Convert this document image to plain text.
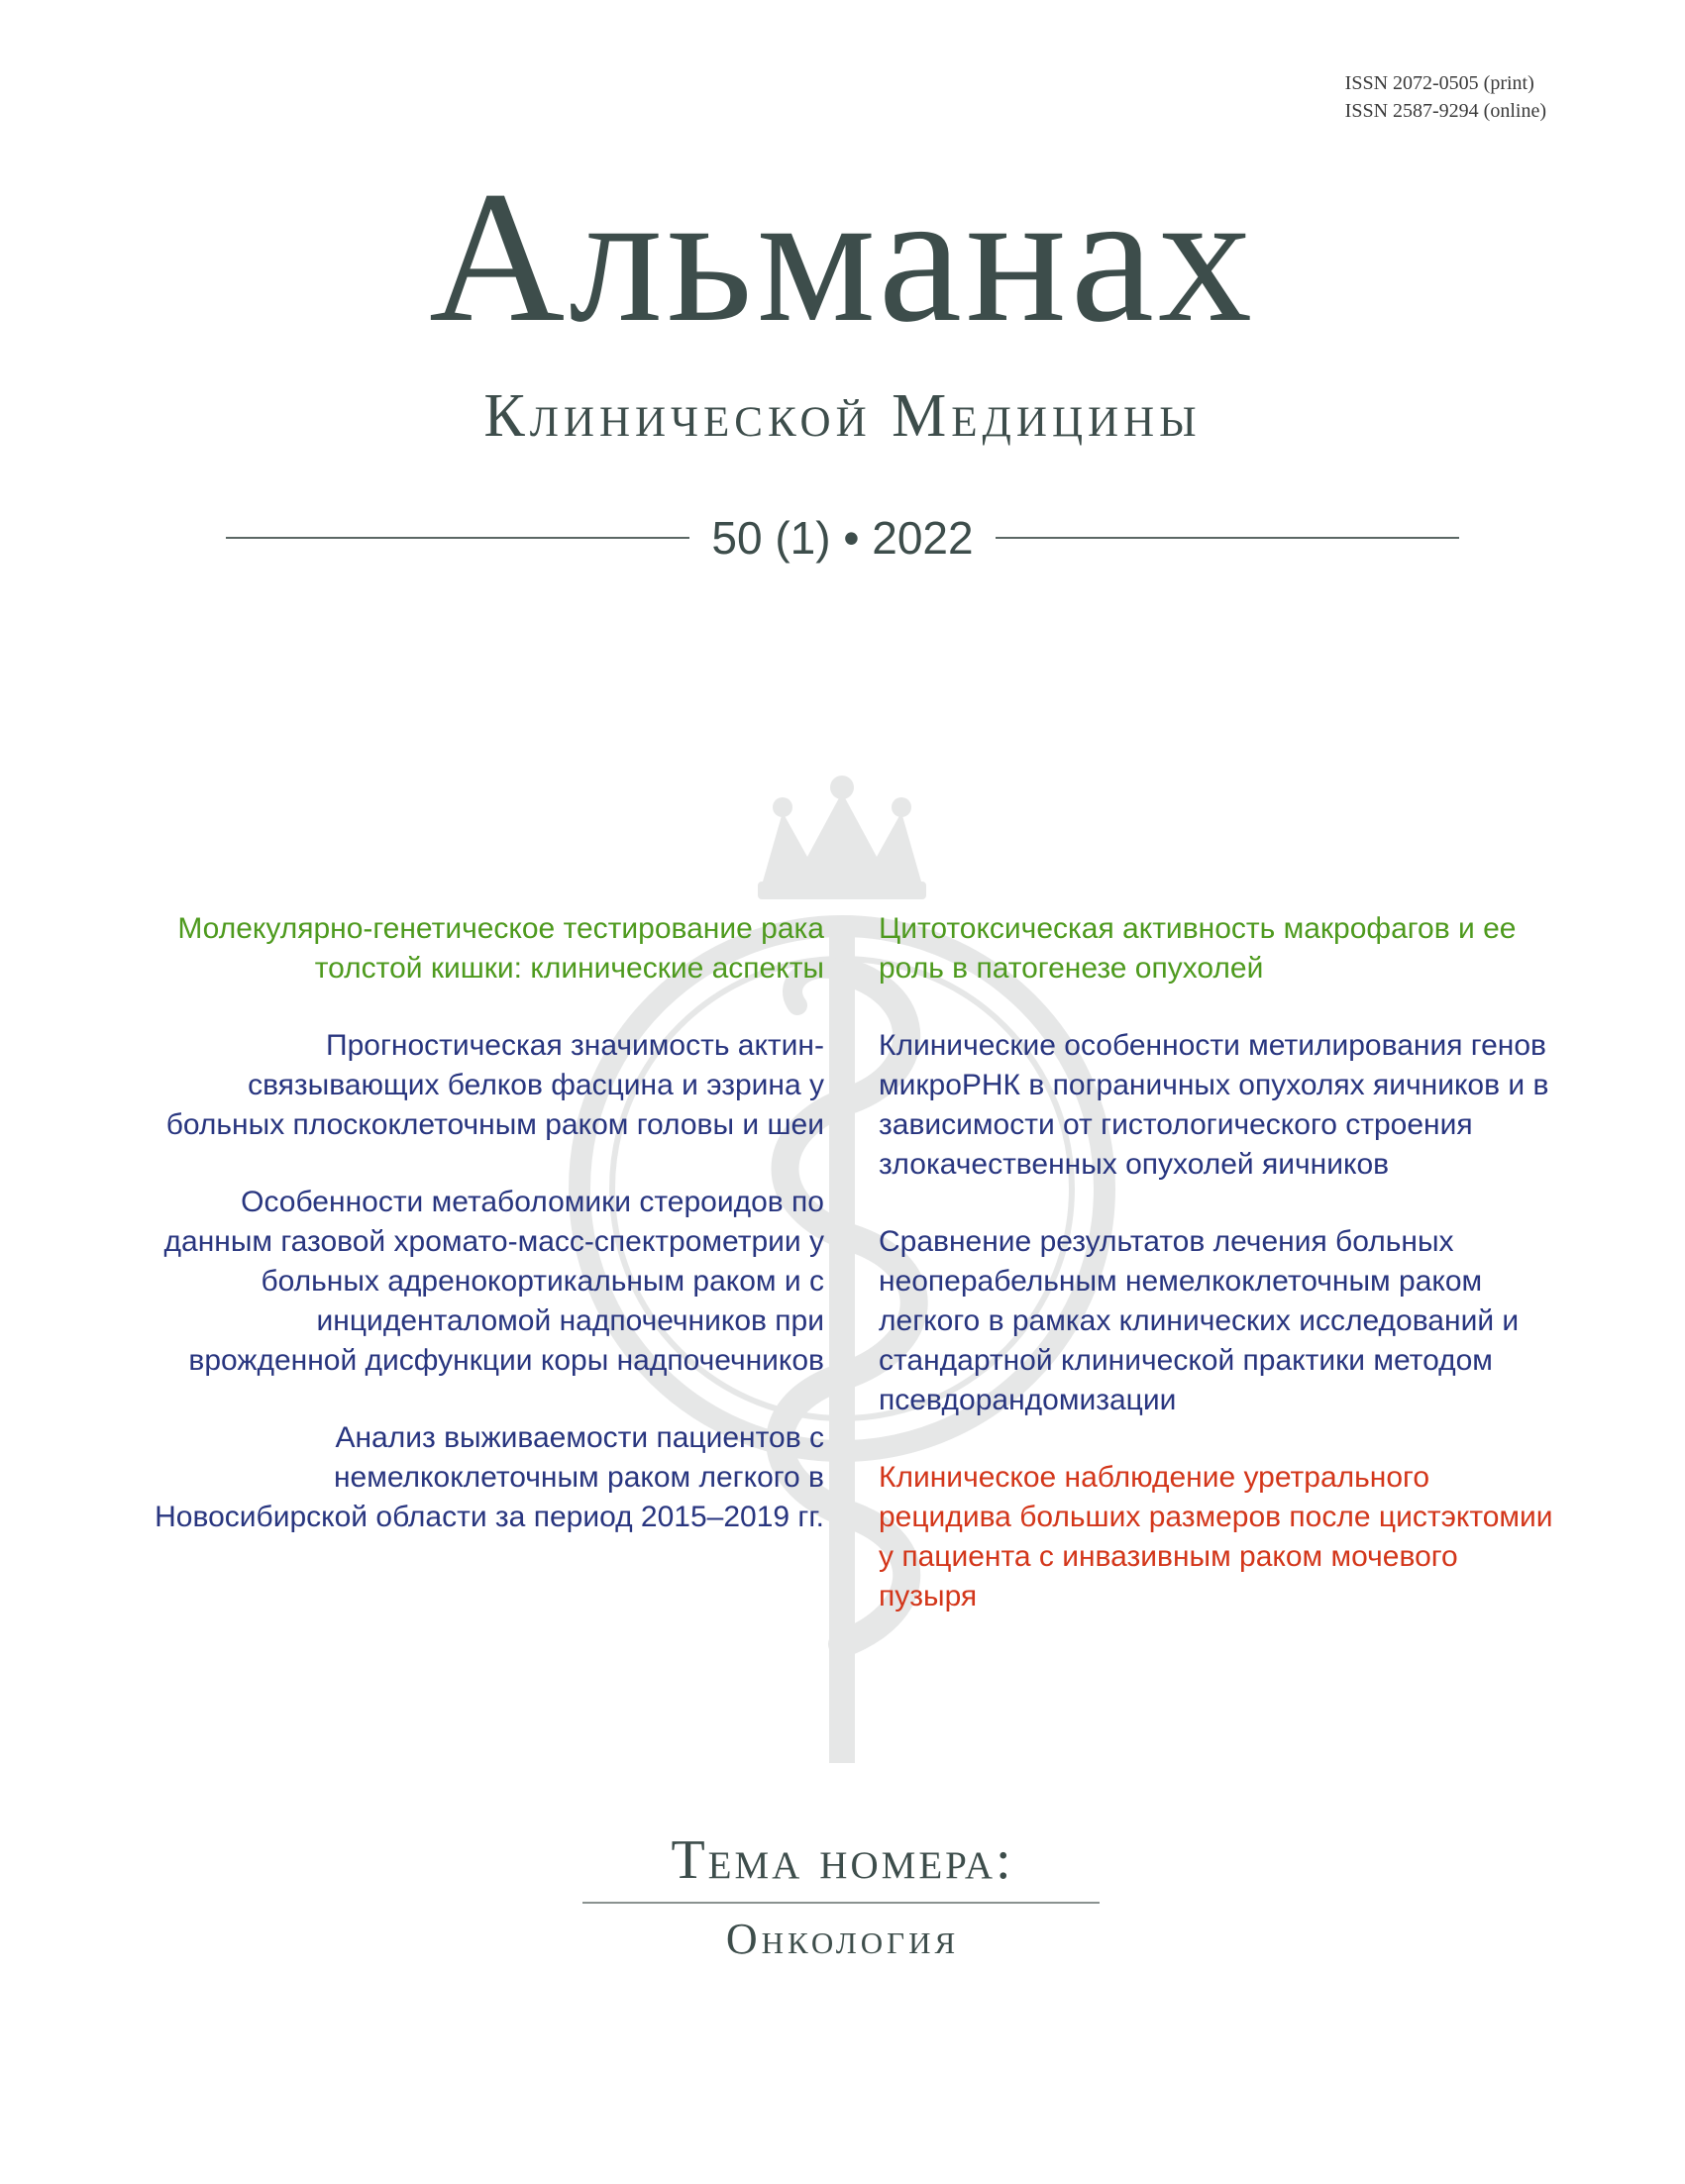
ISSN 2072-0505 (print)
ISSN 2587-9294 (online)
Альманах
Клинической Медицины
50 (1) • 2022

Молекулярно-генетическое тестирование рака толстой кишки: клинические аспекты

Прогностическая значимость актин-связывающих белков фасцина и эзрина у больных плоскоклеточным раком головы и шеи

Особенности метаболомики стероидов по данным газовой хромато-масс-спектрометрии у больных адренокортикальным раком и с инциденталомой надпочечников при врожденной дисфункции коры надпочечников

Анализ выживаемости пациентов с немелкоклеточным раком легкого в Новосибирской области за период 2015–2019 гг.

Цитотоксическая активность макрофагов и ее роль в патогенезе опухолей

Клинические особенности метилирования генов микроРНК в пограничных опухолях яичников и в зависимости от гистологического строения злокачественных опухолей яичников

Сравнение результатов лечения больных неоперабельным немелкоклеточным раком легкого в рамках клинических исследований и стандартной клинической практики методом псевдорандомизации

Клиническое наблюдение уретрального рецидива больших размеров после цистэктомии у пациента с инвазивным раком мочевого пузыря

Тема номера:
Онкология
